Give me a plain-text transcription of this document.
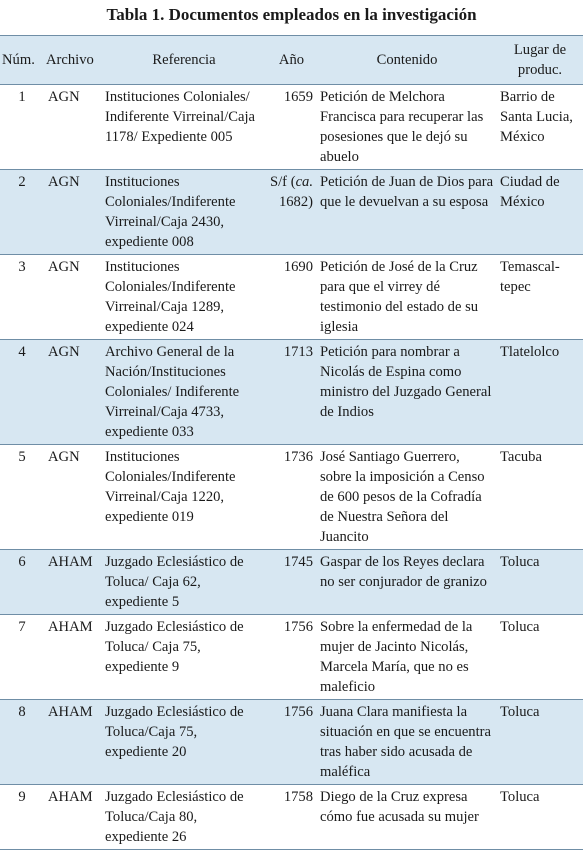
Tabla 1. Documentos empleados en la investigación
Núm.	Archivo	Referencia	Año	Contenido	Lugar de produc.
1	AGN	Instituciones Coloniales/ Indiferente Virreinal/Caja 1178/ Expediente 005	1659	Petición de Melchora Francisca para recuperar las posesiones que le dejó su abuelo	Barrio de Santa Lucia, México
2	AGN	Instituciones Coloniales/Indiferente Virreinal/Caja 2430, expediente 008	S/f (ca. 1682)	Petición de Juan de Dios para que le devuelvan a su esposa	Ciudad de México
3	AGN	Instituciones Coloniales/Indiferente Virreinal/Caja 1289, expediente 024	1690	Petición de José de la Cruz para que el virrey dé testimonio del estado de su iglesia	Temascal-tepec
4	AGN	Archivo General de la Nación/Instituciones Coloniales/ Indiferente Virreinal/Caja 4733, expediente 033	1713	Petición para nombrar a Nicolás de Espina como ministro del Juzgado General de Indios	Tlatelolco
5	AGN	Instituciones Coloniales/Indiferente Virreinal/Caja 1220, expediente 019	1736	José Santiago Guerrero, sobre la imposición a Censo de 600 pesos de la Cofradía de Nuestra Señora del Juancito	Tacuba
6	AHAM	Juzgado Eclesiástico de Toluca/ Caja 62, expediente 5	1745	Gaspar de los Reyes declara no ser conjurador de granizo	Toluca
7	AHAM	Juzgado Eclesiástico de Toluca/ Caja 75, expediente 9	1756	Sobre la enfermedad de la mujer de Jacinto Nicolás, Marcela María, que no es maleficio	Toluca
8	AHAM	Juzgado Eclesiástico de Toluca/Caja 75, expediente 20	1756	Juana Clara manifiesta la situación en que se encuentra tras haber sido acusada de maléfica	Toluca
9	AHAM	Juzgado Eclesiástico de Toluca/Caja 80, expediente 26	1758	Diego de la Cruz expresa cómo fue acusada su mujer	Toluca
